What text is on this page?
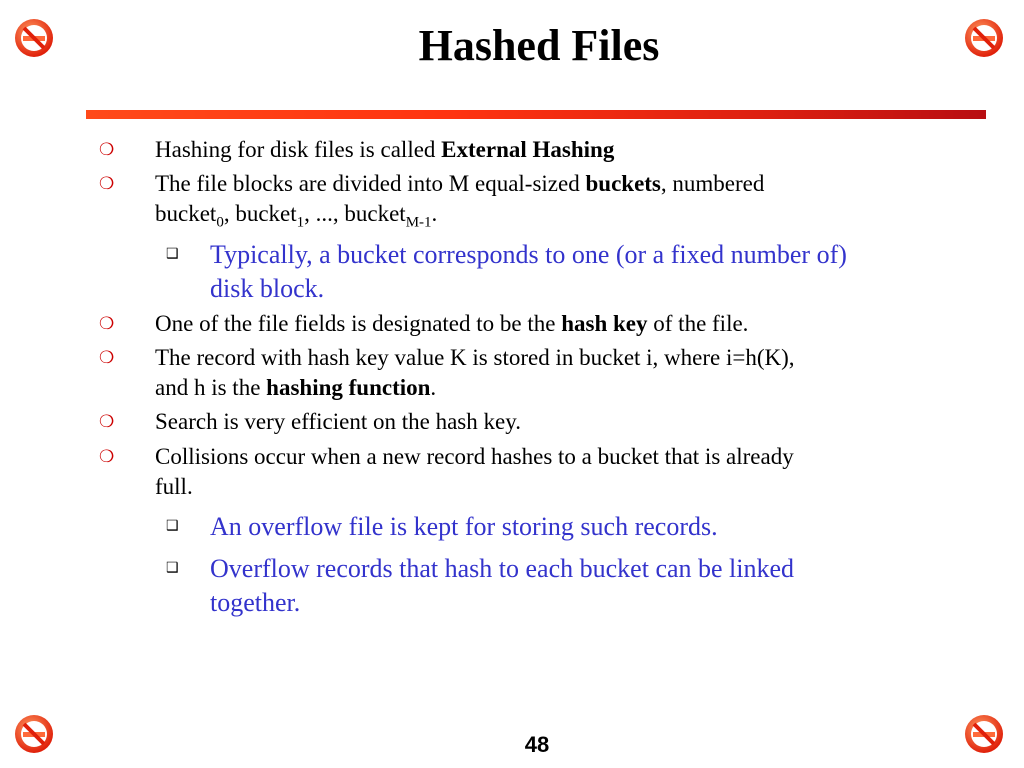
Hashed Files
❍ Hashing for disk files is called External Hashing
❍ The file blocks are divided into M equal-sized buckets, numbered
bucket$_0$, bucket$_1$, ..., bucket$_{M-1}$.
❑ Typically, a bucket corresponds to one (or a fixed number of)
disk block.
❍ One of the file fields is designated to be the hash key of the file.
❍ The record with hash key value K is stored in bucket i, where i=h(K),
and h is the hashing function.
❍ Search is very efficient on the hash key.
❍ Collisions occur when a new record hashes to a bucket that is already
full.
❑ An overflow file is kept for storing such records.
❑ Overflow records that hash to each bucket can be linked
together.
48
